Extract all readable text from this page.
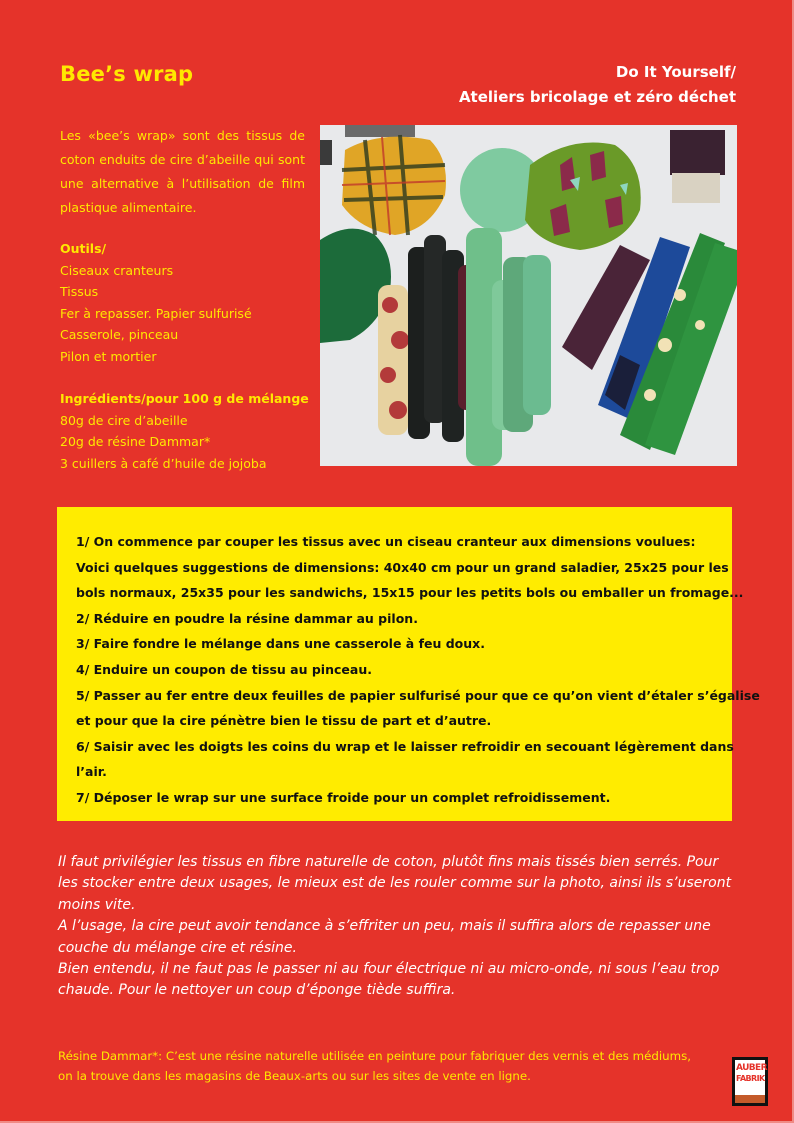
Bee’s wrap	Do It Yourself/
Ateliers bricolage et zéro déchet

Les «bee’s wrap» sont des tissus de coton enduits de cire d’abeille qui sont une alternative à l’utilisation de film plastique alimentaire.

Outils/
Ciseaux cranteurs
Tissus
Fer à repasser. Papier sulfurisé
Casserole, pinceau
Pilon et mortier
Ingrédients/pour 100 g de mélange
80g de cire d’abeille
20g de résine Dammar*
3 cuillers à café d’huile de jojoba
1/ On commence par couper les tissus avec un ciseau cranteur aux dimensions voulues:
Voici quelques suggestions de dimensions: 40x40 cm pour un grand saladier, 25x25 pour les
bols normaux, 25x35 pour les sandwichs, 15x15 pour les petits bols ou emballer un fromage...
2/ Réduire en poudre la résine dammar au pilon.
3/ Faire fondre le mélange dans une casserole à feu doux.
4/ Enduire un coupon de tissu au pinceau.
5/ Passer au fer entre deux feuilles de papier sulfurisé pour que ce qu’on vient d’étaler s’égalise
et pour que la cire pénètre bien le tissu de part et d’autre.
6/ Saisir avec les doigts les coins du wrap et le laisser refroidir en secouant légèrement dans
l’air.
7/ Déposer le wrap sur une surface froide pour un complet refroidissement.

Il faut privilégier les tissus en fibre naturelle de coton, plutôt fins mais tissés bien serrés. Pour les stocker entre deux usages, le mieux est de les rouler comme sur la photo, ainsi ils s’useront moins vite.

A l’usage, la cire peut avoir tendance à s’effriter un peu, mais il suffira alors de repasser une couche du mélange cire et résine.

Bien entendu, il ne faut pas le passer ni au four électrique ni au micro-onde, ni sous l’eau trop chaude. Pour le nettoyer un coup d’éponge tiède suffira.

Résine Dammar*: C’est une résine naturelle utilisée en peinture pour fabriquer des vernis et des médiums,

on la trouve dans les magasins de Beaux-arts ou sur les sites de vente en ligne.

AUBER
FABRIK
